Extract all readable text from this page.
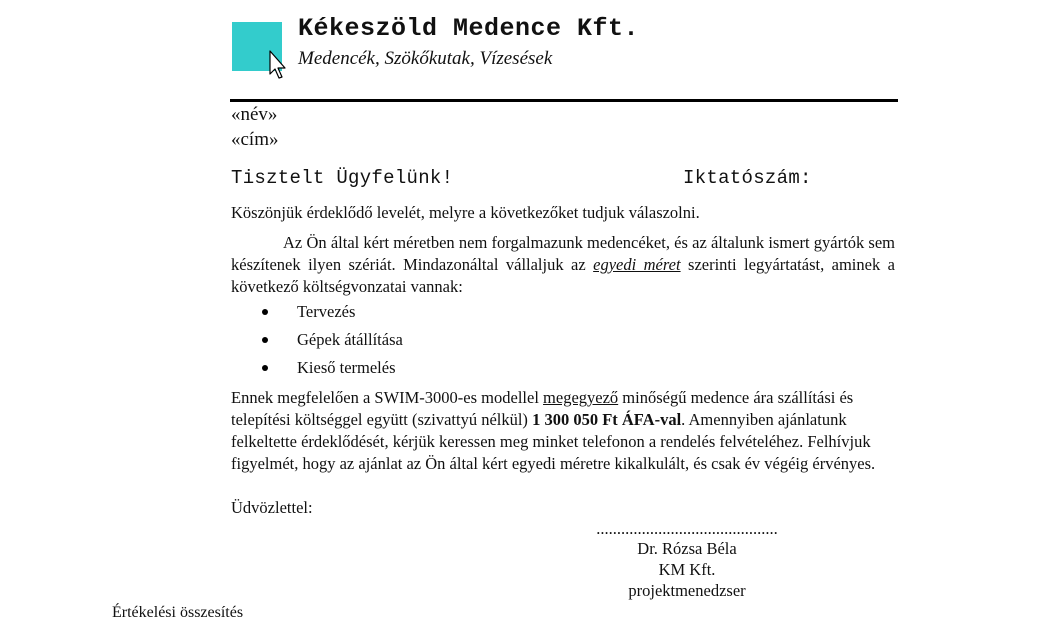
Kékeszöld Medence Kft.
Medencék, Szökőkutak, Vízesések
«név»
«cím»
Tisztelt Ügyfelünk!	Iktatószám:
Köszönjük érdeklődő levelét, melyre a következőket tudjuk válaszolni.
Az Ön által kért méretben nem forgalmazunk medencéket, és az általunk ismert gyártók sem készítenek ilyen szériát. Mindazonáltal vállaljuk az egyedi méret szerinti legyártatást, aminek a következő költségvonzatai vannak:
Tervezés
Gépek átállítása
Kieső termelés
Ennek megfelelően a SWIM-3000-es modellel megegyező minőségű medence ára szállítási és telepítési költséggel együtt (szivattyú nélkül) 1 300 050 Ft ÁFA-val. Amennyiben ajánlatunk felkeltette érdeklődését, kérjük keressen meg minket telefonon a rendelés felvételéhez. Felhívjuk figyelmét, hogy az ajánlat az Ön által kért egyedi méretre kikalkulált, és csak év végéig érvényes.
Üdvözlettel:
............................................
Dr. Rózsa Béla
KM Kft.
projektmenedzser
Értékelési összesítés
